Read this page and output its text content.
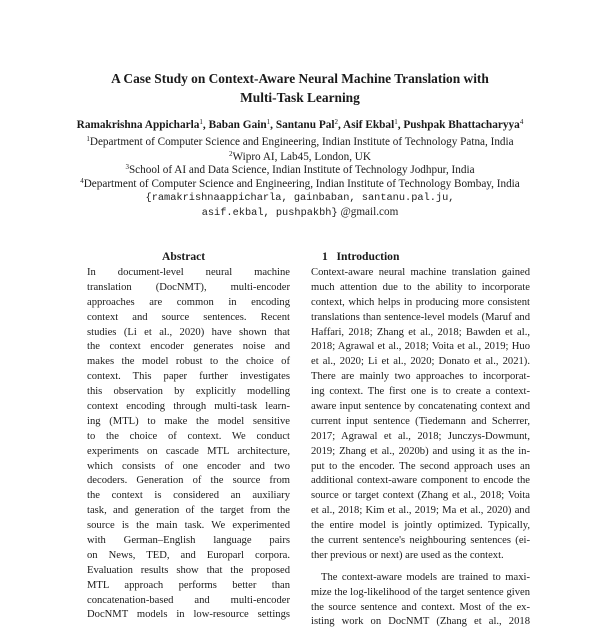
A Case Study on Context-Aware Neural Machine Translation with
Multi-Task Learning
Ramakrishna Appicharla$^1$, Baban Gain$^1$, Santanu Pal$^2$, Asif Ekbal$^1$, Pushpak Bhattacharyya$^4$
$^1$Department of Computer Science and Engineering, Indian Institute of Technology Patna, India
$^2$Wipro AI, Lab45, London, UK
$^3$School of AI and Data Science, Indian Institute of Technology Jodhpur, India
$^4$Department of Computer Science and Engineering, Indian Institute of Technology Bombay, India
{ramakrishnaappicharla, gainbaban, santanu.pal.ju,
asif.ekbal, pushpakbh} @gmail.com
Abstract	1 Introduction

In document-level neural machine
translation (DocNMT), multi-encoder
approaches are common in encoding
context and source sentences. Recent
studies (Li et al., 2020) have shown that
the context encoder generates noise and
makes the model robust to the choice of
context. This paper further investigates
this observation by explicitly modelling
context encoding through multi-task learn-
ing (MTL) to make the model sensitive
to the choice of context. We conduct
experiments on cascade MTL architecture,
which consists of one encoder and two
decoders. Generation of the source from
the context is considered an auxiliary
task, and generation of the target from the
source is the main task. We experimented
with German–English language pairs
on News, TED, and Europarl corpora.
Evaluation results show that the proposed
MTL approach performs better than
concatenation-based and multi-encoder
DocNMT models in low-resource settings

Context-aware neural machine translation gained
much attention due to the ability to incorporate
context, which helps in producing more consistent
translations than sentence-level models (Maruf and
Haffari, 2018; Zhang et al., 2018; Bawden et al.,
2018; Agrawal et al., 2018; Voita et al., 2019; Huo
et al., 2020; Li et al., 2020; Donato et al., 2021).
There are mainly two approaches to incorporat-
ing context. The first one is to create a context-
aware input sentence by concatenating context and
current input sentence (Tiedemann and Scherrer,
2017; Agrawal et al., 2018; Junczys-Dowmunt,
2019; Zhang et al., 2020b) and using it as the in-
put to the encoder. The second approach uses an
additional context-aware component to encode the
source or target context (Zhang et al., 2018; Voita
et al., 2018; Kim et al., 2019; Ma et al., 2020) and
the entire model is jointly optimized. Typically,
the current sentence's neighbouring sentences (ei-
ther previous or next) are used as the context.

The context-aware models are trained to maxi-
mize the log-likelihood of the target sentence given
the source sentence and context. Most of the ex-
isting work on DocNMT (Zhang et al., 2018
